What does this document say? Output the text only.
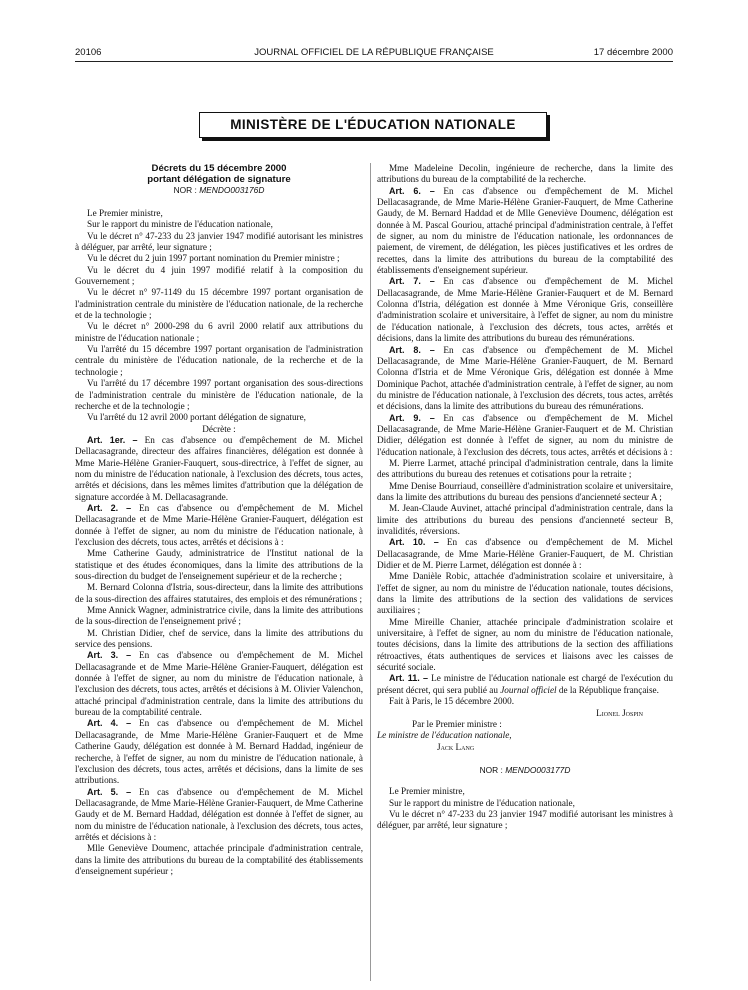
20106	JOURNAL OFFICIEL DE LA RÉPUBLIQUE FRANÇAISE	17 décembre 2000
MINISTÈRE DE L'ÉDUCATION NATIONALE
Décrets du 15 décembre 2000
portant délégation de signature
NOR : MENDO003176D

Le Premier ministre,

Sur le rapport du ministre de l'éducation nationale,

Vu le décret n° 47-233 du 23 janvier 1947 modifié autorisant les ministres à déléguer, par arrêté, leur signature ;

Vu le décret du 2 juin 1997 portant nomination du Premier ministre ;

Vu le décret du 4 juin 1997 modifié relatif à la composition du Gouvernement ;

Vu le décret n° 97-1149 du 15 décembre 1997 portant organisation de l'administration centrale du ministère de l'éducation nationale, de la recherche et de la technologie ;

Vu le décret n° 2000-298 du 6 avril 2000 relatif aux attributions du ministre de l'éducation nationale ;

Vu l'arrêté du 15 décembre 1997 portant organisation de l'administration centrale du ministère de l'éducation nationale, de la recherche et de la technologie ;

Vu l'arrêté du 17 décembre 1997 portant organisation des sous-directions de l'administration centrale du ministère de l'éducation nationale, de la recherche et de la technologie ;

Vu l'arrêté du 12 avril 2000 portant délégation de signature,

Décrète :

Art. 1er. – En cas d'absence ou d'empêchement de M. Michel Dellacasagrande, directeur des affaires financières, délégation est donnée à Mme Marie-Hélène Granier-Fauquert, sous-directrice, à l'effet de signer, au nom du ministre de l'éducation nationale, à l'exclusion des décrets, tous actes, arrêtés et décisions, dans les mêmes limites d'attribution que la délégation de signature accordée à M. Dellacasagrande.

Art. 2. – En cas d'absence ou d'empêchement de M. Michel Dellacasagrande et de Mme Marie-Hélène Granier-Fauquert, délégation est donnée à l'effet de signer, au nom du ministre de l'éducation nationale, à l'exclusion des décrets, tous actes, arrêtés et décisions à :

Mme Catherine Gaudy, administratrice de l'Institut national de la statistique et des études économiques, dans la limite des attributions de la sous-direction du budget de l'enseignement supérieur et de la recherche ;

M. Bernard Colonna d'Istria, sous-directeur, dans la limite des attributions de la sous-direction des affaires statutaires, des emplois et des rémunérations ;

Mme Annick Wagner, administratrice civile, dans la limite des attributions de la sous-direction de l'enseignement privé ;

M. Christian Didier, chef de service, dans la limite des attributions du service des pensions.

Art. 3. – En cas d'absence ou d'empêchement de M. Michel Dellacasagrande et de Mme Marie-Hélène Granier-Fauquert, délégation est donnée à l'effet de signer, au nom du ministre de l'éducation nationale, à l'exclusion des décrets, tous actes, arrêtés et décisions à M. Olivier Valenchon, attaché principal d'administration centrale, dans la limite des attributions du bureau de la comptabilité centrale.

Art. 4. – En cas d'absence ou d'empêchement de M. Michel Dellacasagrande, de Mme Marie-Hélène Granier-Fauquert et de Mme Catherine Gaudy, délégation est donnée à M. Bernard Haddad, ingénieur de recherche, à l'effet de signer, au nom du ministre de l'éducation nationale, à l'exclusion des décrets, tous actes, arrêtés et décisions, dans la limite de ses attributions.

Art. 5. – En cas d'absence ou d'empêchement de M. Michel Dellacasagrande, de Mme Marie-Hélène Granier-Fauquert, de Mme Catherine Gaudy et de M. Bernard Haddad, délégation est donnée à l'effet de signer, au nom du ministre de l'éducation nationale, à l'exclusion des décrets, tous actes, arrêtés et décisions à :

Mlle Geneviève Doumenc, attachée principale d'administration centrale, dans la limite des attributions du bureau de la comptabilité des établissements d'enseignement supérieur ;

Mme Madeleine Decolin, ingénieure de recherche, dans la limite des attributions du bureau de la comptabilité de la recherche.

Art. 6. – En cas d'absence ou d'empêchement de M. Michel Dellacasagrande, de Mme Marie-Hélène Granier-Fauquert, de Mme Catherine Gaudy, de M. Bernard Haddad et de Mlle Geneviève Doumenc, délégation est donnée à M. Pascal Gouriou, attaché principal d'administration centrale, à l'effet de signer, au nom du ministre de l'éducation nationale, les ordonnances de paiement, de virement, de délégation, les pièces justificatives et les ordres de recettes, dans la limite des attributions du bureau de la comptabilité des établissements d'enseignement supérieur.

Art. 7. – En cas d'absence ou d'empêchement de M. Michel Dellacasagrande, de Mme Marie-Hélène Granier-Fauquert et de M. Bernard Colonna d'Istria, délégation est donnée à Mme Véronique Gris, conseillère d'administration scolaire et universitaire, à l'effet de signer, au nom du ministre de l'éducation nationale, à l'exclusion des décrets, tous actes, arrêtés et décisions, dans la limite des attributions du bureau des rémunérations.

Art. 8. – En cas d'absence ou d'empêchement de M. Michel Dellacasagrande, de Mme Marie-Hélène Granier-Fauquert, de M. Bernard Colonna d'Istria et de Mme Véronique Gris, délégation est donnée à Mme Dominique Pachot, attachée d'administration centrale, à l'effet de signer, au nom du ministre de l'éducation nationale, à l'exclusion des décrets, tous actes, arrêtés et décisions, dans la limite des attributions du bureau des rémunérations.

Art. 9. – En cas d'absence ou d'empêchement de M. Michel Dellacasagrande, de Mme Marie-Hélène Granier-Fauquert et de M. Christian Didier, délégation est donnée à l'effet de signer, au nom du ministre de l'éducation nationale, à l'exclusion des décrets, tous actes, arrêtés et décisions à :

M. Pierre Larmet, attaché principal d'administration centrale, dans la limite des attributions du bureau des retenues et cotisations pour la retraite ;

Mme Denise Bourriaud, conseillère d'administration scolaire et universitaire, dans la limite des attributions du bureau des pensions d'ancienneté secteur A ;

M. Jean-Claude Auvinet, attaché principal d'administration centrale, dans la limite des attributions du bureau des pensions d'ancienneté secteur B, invalidités, réversions.

Art. 10. – En cas d'absence ou d'empêchement de M. Michel Dellacasagrande, de Mme Marie-Hélène Granier-Fauquert, de M. Christian Didier et de M. Pierre Larmet, délégation est donnée à :

Mme Danièle Robic, attachée d'administration scolaire et universitaire, à l'effet de signer, au nom du ministre de l'éducation nationale, toutes décisions, dans la limite des attributions de la section des validations de services auxiliaires ;

Mme Mireille Chanier, attachée principale d'administration scolaire et universitaire, à l'effet de signer, au nom du ministre de l'éducation nationale, toutes décisions, dans la limite des attributions de la section des affiliations rétroactives, états authentiques de services et liaisons avec les caisses de sécurité sociale.

Art. 11. – Le ministre de l'éducation nationale est chargé de l'exécution du présent décret, qui sera publié au Journal officiel de la République française.

Fait à Paris, le 15 décembre 2000.

Lionel Jospin

Par le Premier ministre :

Le ministre de l'éducation nationale,

Jack Lang

NOR : MENDO003177D

Le Premier ministre,

Sur le rapport du ministre de l'éducation nationale,

Vu le décret n° 47-233 du 23 janvier 1947 modifié autorisant les ministres à déléguer, par arrêté, leur signature ;
